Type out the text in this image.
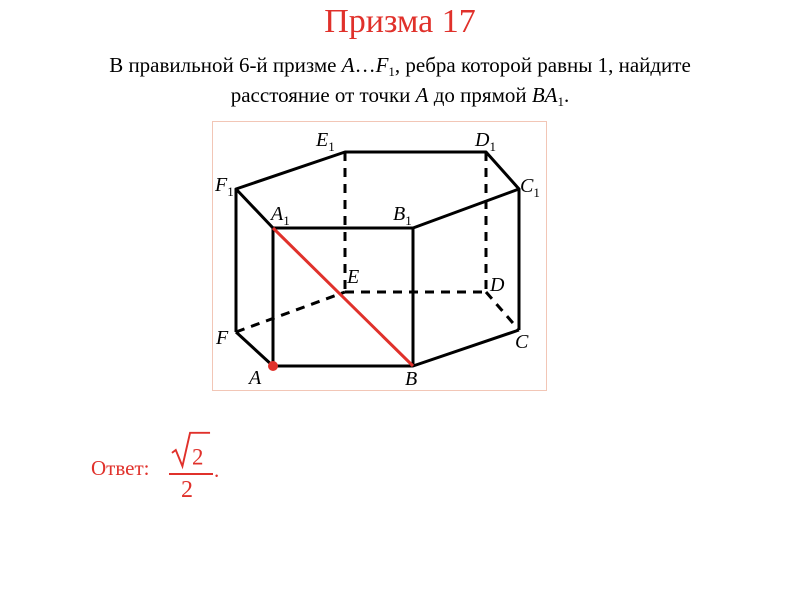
Призма 17
В правильной 6-й призме $A\dots F_1$, ребра которой равны 1, найдите
расстояние от точки A до прямой $BA_1$.
$E_1$	$D_1$
$F_1$	$C_1$
$A_1$	$B_1$
E	D
F	C
A	B
Ответ: 2
2
.
